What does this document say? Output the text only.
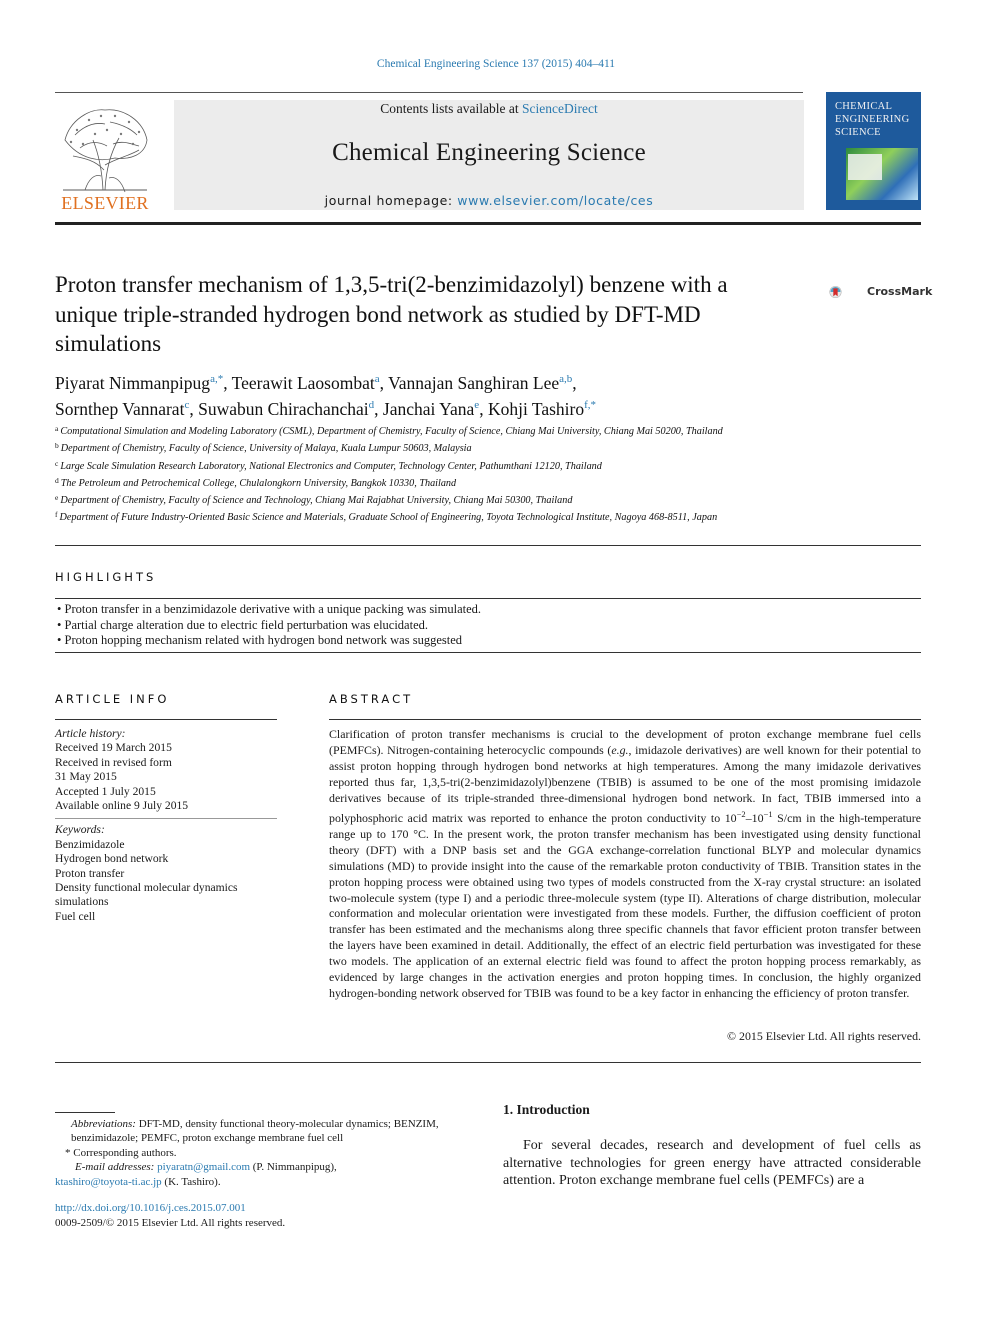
Chemical Engineering Science 137 (2015) 404–411
Contents lists available at ScienceDirect
Chemical Engineering Science
journal homepage: www.elsevier.com/locate/ces
ELSEVIER
CHEMICAL
ENGINEERING
SCIENCE
Proton transfer mechanism of 1,3,5-tri(2-benzimidazolyl) benzene with a unique triple-stranded hydrogen bond network as studied by DFT-MD simulations
CrossMark
Piyarat Nimmanpipug$^{a,*}$, Teerawit Laosombat$^a$, Vannajan Sanghiran Lee$^{a,b}$,
Sornthep Vannarat$^c$, Suwabun Chirachanchai$^d$, Janchai Yana$^e$, Kohji Tashiro$^{f,*}$
$^a$ Computational Simulation and Modeling Laboratory (CSML), Department of Chemistry, Faculty of Science, Chiang Mai University, Chiang Mai 50200, Thailand
$^b$ Department of Chemistry, Faculty of Science, University of Malaya, Kuala Lumpur 50603, Malaysia
$^c$ Large Scale Simulation Research Laboratory, National Electronics and Computer, Technology Center, Pathumthani 12120, Thailand
$^d$ The Petroleum and Petrochemical College, Chulalongkorn University, Bangkok 10330, Thailand
$^e$ Department of Chemistry, Faculty of Science and Technology, Chiang Mai Rajabhat University, Chiang Mai 50300, Thailand
$^f$ Department of Future Industry-Oriented Basic Science and Materials, Graduate School of Engineering, Toyota Technological Institute, Nagoya 468-8511, Japan
HIGHLIGHTS
• Proton transfer in a benzimidazole derivative with a unique packing was simulated.
• Partial charge alteration due to electric field perturbation was elucidated.
• Proton hopping mechanism related with hydrogen bond network was suggested
ARTICLE INFO
Article history:
Received 19 March 2015
Received in revised form
31 May 2015
Accepted 1 July 2015
Available online 9 July 2015
Keywords:
Benzimidazole
Hydrogen bond network
Proton transfer
Density functional molecular dynamics
simulations
Fuel cell
ABSTRACT
Clarification of proton transfer mechanisms is crucial to the development of proton exchange membrane fuel cells (PEMFCs). Nitrogen-containing heterocyclic compounds (e.g., imidazole derivatives) are well known for their potential to assist proton hopping through hydrogen bond networks at high temperatures. Among the many imidazole derivatives reported thus far, 1,3,5-tri(2-benzimidazolyl)benzene (TBIB) is assumed to be one of the most promising imidazole derivatives because of its triple-stranded three-dimensional hydrogen bond network. In fact, TBIB immersed into a polyphosphoric acid matrix was reported to enhance the proton conductivity to $10^{-2}-10^{-1}$ S/cm in the high-temperature range up to 170 °C. In the present work, the proton transfer mechanism has been investigated using density functional theory (DFT) with a DNP basis set and the GGA exchange-correlation functional BLYP and molecular dynamics simulations (MD) to provide insight into the cause of the remarkable proton conductivity of TBIB. Transition states in the proton hopping process were obtained using two types of models constructed from the X-ray crystal structure: an isolated two-molecule system (type I) and a periodic three-molecule system (type II). Alterations of charge distribution, molecular conformation and molecular orientation were investigated from these models. Further, the diffusion coefficient of proton transfer has been estimated and the mechanisms along three specific channels that favor efficient proton transfer between the layers have been examined in detail. Additionally, the effect of an electric field perturbation was investigated for these two models. The application of an external electric field was found to affect the proton hopping process remarkably, as evidenced by large changes in the activation energies and proton hopping times. In conclusion, the highly organized hydrogen-bonding network observed for TBIB was found to be a key factor in enhancing the efficiency of proton transfer.
© 2015 Elsevier Ltd. All rights reserved.
Abbreviations: DFT-MD, density functional theory-molecular dynamics; BENZIM, benzimidazole; PEMFC, proton exchange membrane fuel cell
* Corresponding authors.
E-mail addresses: piyaratn@gmail.com (P. Nimmanpipug),
ktashiro@toyota-ti.ac.jp (K. Tashiro).
http://dx.doi.org/10.1016/j.ces.2015.07.001
0009-2509/© 2015 Elsevier Ltd. All rights reserved.
1. Introduction
For several decades, research and development of fuel cells as alternative technologies for green energy have attracted considerable attention. Proton exchange membrane fuel cells (PEMFCs) are a
